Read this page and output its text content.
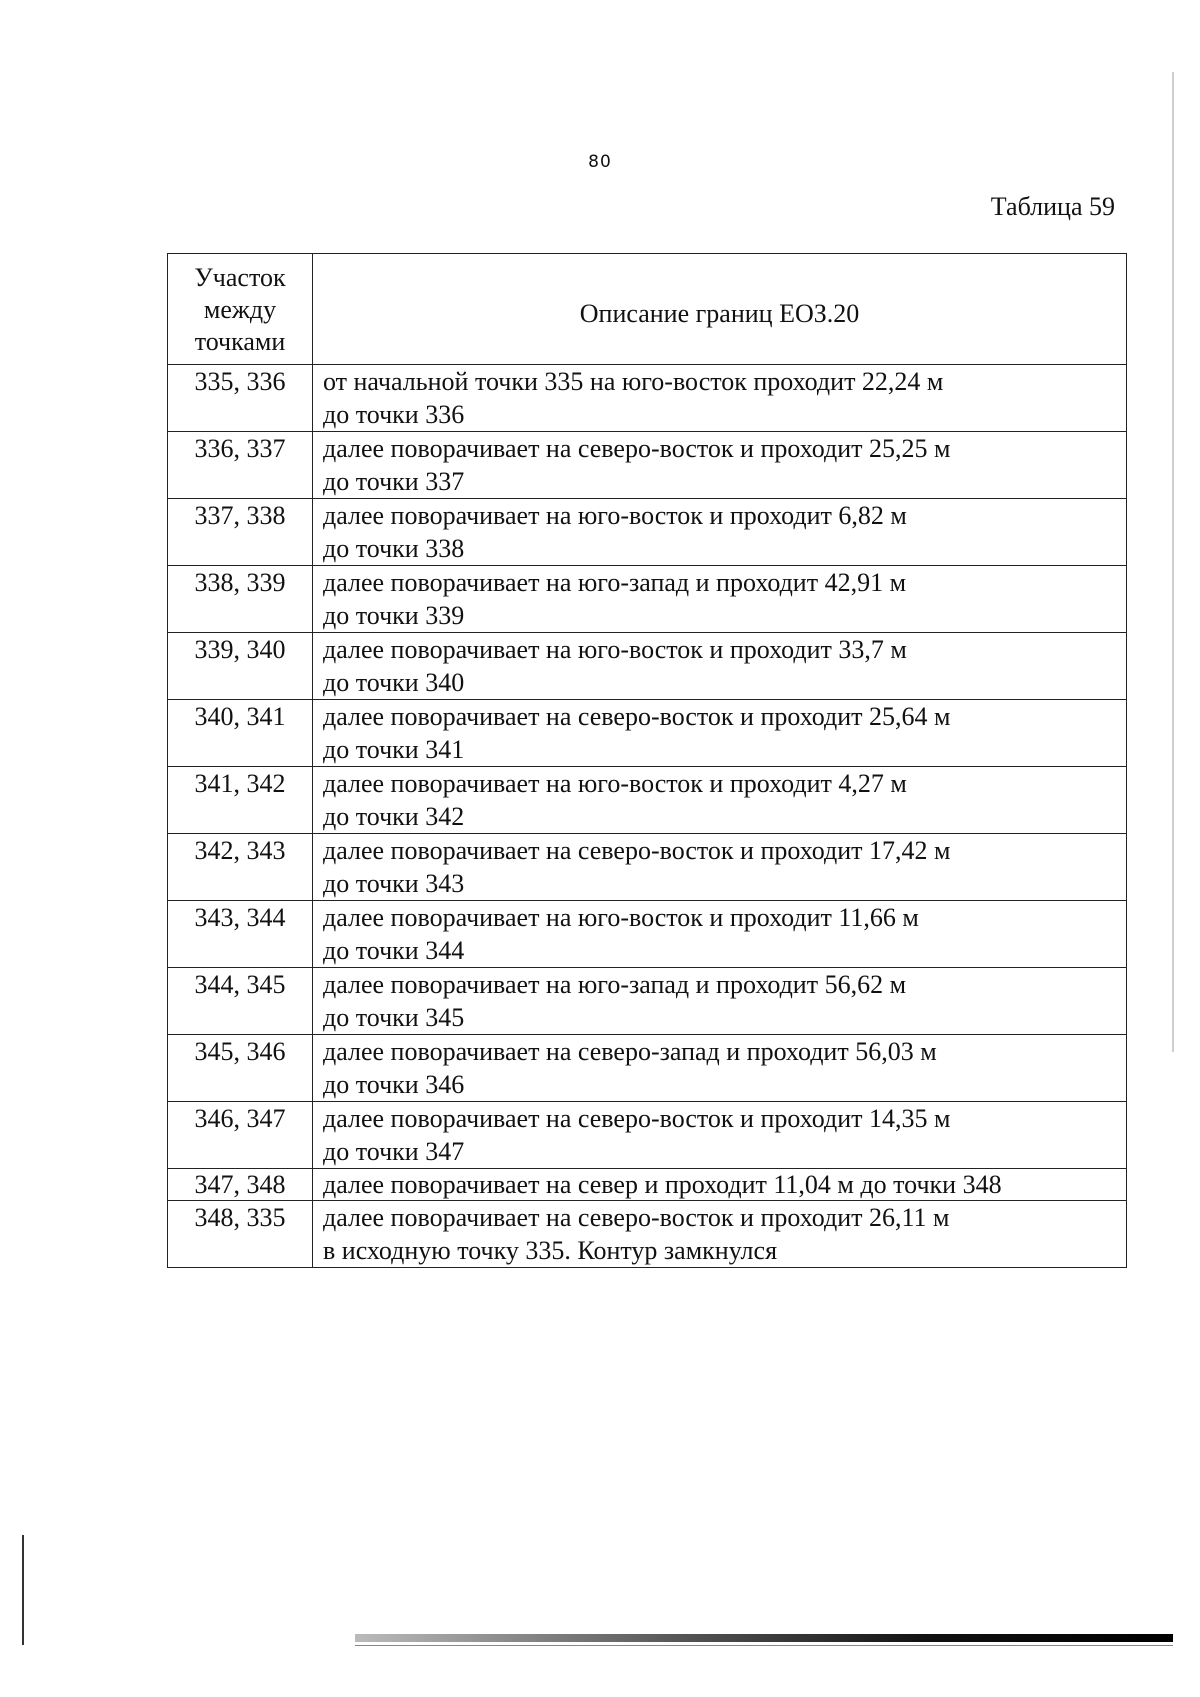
80
Таблица 59
Участок
между
точками	Описание границ ЕОЗ.20
335, 336	от начальной точки 335 на юго-восток проходит 22,24 м
до точки 336

336, 337	далее поворачивает на северо-восток и проходит 25,25 м
до точки 337

337, 338	далее поворачивает на юго-восток и проходит 6,82 м
до точки 338

338, 339	далее поворачивает на юго-запад и проходит 42,91 м
до точки 339

339, 340	далее поворачивает на юго-восток и проходит 33,7 м
до точки 340

340, 341	далее поворачивает на северо-восток и проходит 25,64 м
до точки 341

341, 342	далее поворачивает на юго-восток и проходит 4,27 м
до точки 342

342, 343	далее поворачивает на северо-восток и проходит 17,42 м
до точки 343

343, 344	далее поворачивает на юго-восток и проходит 11,66 м
до точки 344

344, 345	далее поворачивает на юго-запад и проходит 56,62 м
до точки 345

345, 346	далее поворачивает на северо-запад и проходит 56,03 м
до точки 346

346, 347	далее поворачивает на северо-восток и проходит 14,35 м
до точки 347

347, 348	далее поворачивает на север и проходит 11,04 м до точки 348

348, 335	далее поворачивает на северо-восток и проходит 26,11 м
в исходную точку 335. Контур замкнулся
